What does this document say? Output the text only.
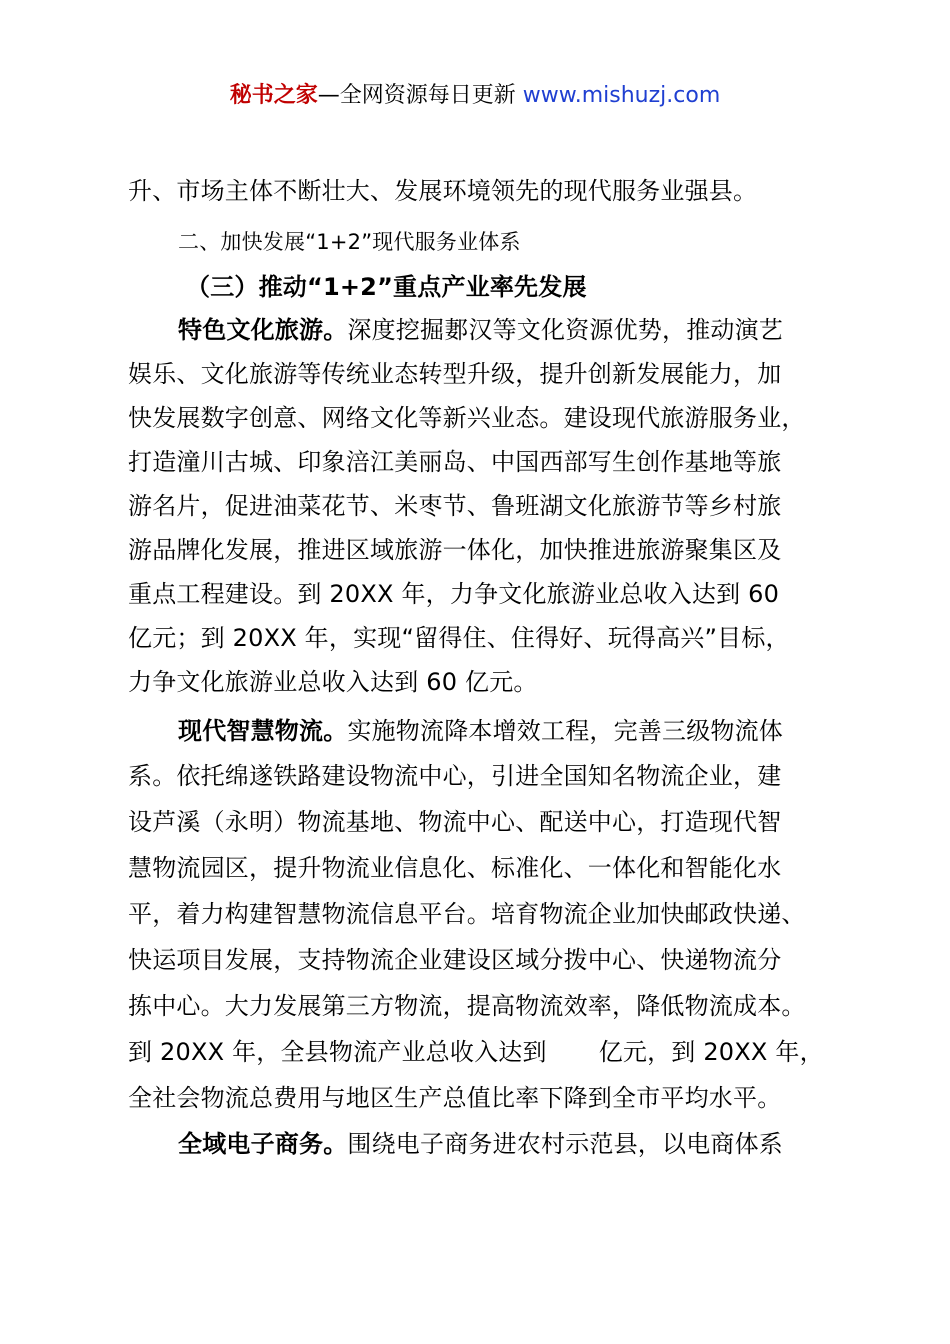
秘书之家—全网资源每日更新 www.mishuzj.com
升、市场主体不断壮大、发展环境领先的现代服务业强县。
二、加快发展“1+2”现代服务业体系
（三）推动“1+2”重点产业率先发展
特色文化旅游。深度挖掘郪汉等文化资源优势，推动演艺
娱乐、文化旅游等传统业态转型升级，提升创新发展能力，加
快发展数字创意、网络文化等新兴业态。建设现代旅游服务业，
打造潼川古城、印象涪江美丽岛、中国西部写生创作基地等旅
游名片，促进油菜花节、米枣节、鲁班湖文化旅游节等乡村旅
游品牌化发展，推进区域旅游一体化，加快推进旅游聚集区及
重点工程建设。到 20XX 年，力争文化旅游业总收入达到 60
亿元；到 20XX 年，实现“留得住、住得好、玩得高兴”目标，
力争文化旅游业总收入达到 60 亿元。
现代智慧物流。实施物流降本增效工程，完善三级物流体
系。依托绵遂铁路建设物流中心，引进全国知名物流企业，建
设芦溪（永明）物流基地、物流中心、配送中心，打造现代智
慧物流园区，提升物流业信息化、标准化、一体化和智能化水
平，着力构建智慧物流信息平台。培育物流企业加快邮政快递、
快运项目发展，支持物流企业建设区域分拨中心、快递物流分
拣中心。大力发展第三方物流，提高物流效率，降低物流成本。
到 20XX 年，全县物流产业总收入达到 亿元，到 20XX 年，
全社会物流总费用与地区生产总值比率下降到全市平均水平。
全域电子商务。围绕电子商务进农村示范县，以电商体系
